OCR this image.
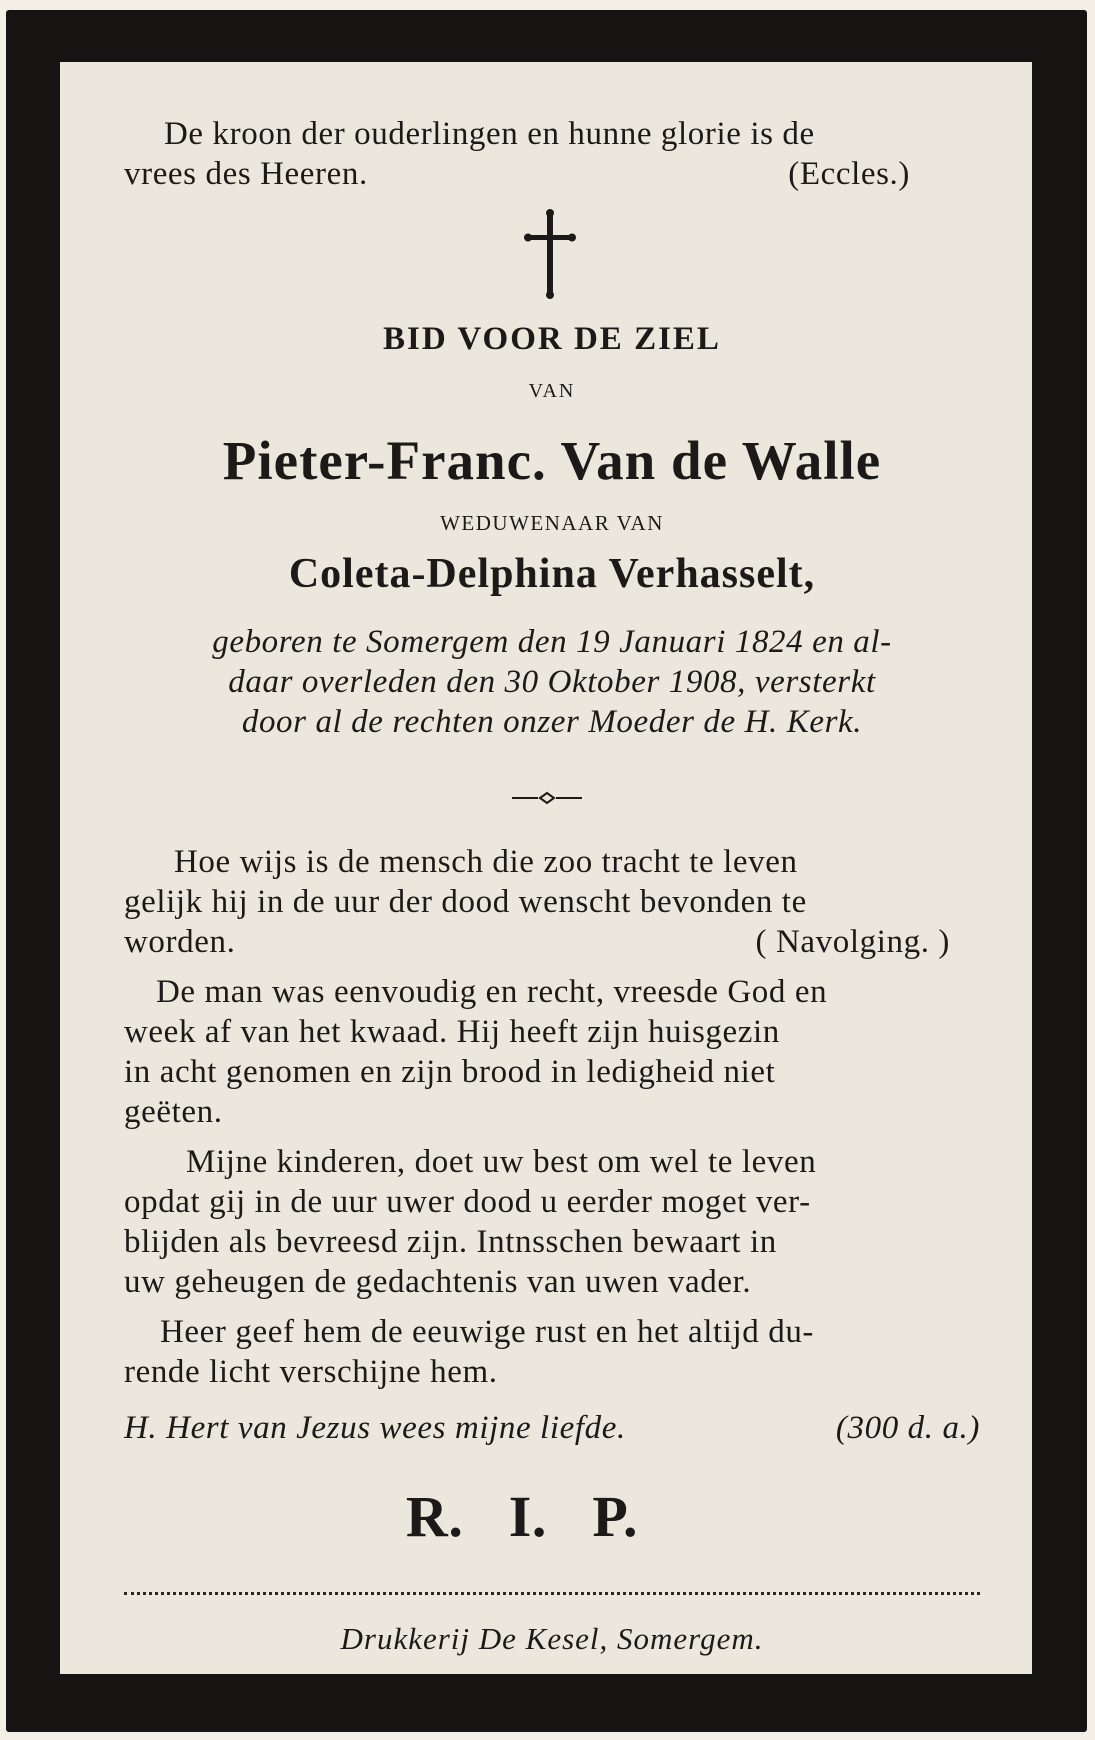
De kroon der ouderlingen en hunne glorie is de
vrees des Heeren.	(Eccles.)
BID VOOR DE ZIEL
VAN
Pieter-Franc. Van de Walle
WEDUWENAAR VAN
Coleta-Delphina Verhasselt,
geboren te Somergem den 19 Januari 1824 en al-
daar overleden den 30 Oktober 1908, versterkt
door al de rechten onzer Moeder de H. Kerk.
Hoe wijs is de mensch die zoo tracht te leven
gelijk hij in de uur der dood wenscht bevonden te
worden.	( Navolging. )
De man was eenvoudig en recht, vreesde God en
week af van het kwaad. Hij heeft zijn huisgezin
in acht genomen en zijn brood in ledigheid niet
geëten.
Mijne kinderen, doet uw best om wel te leven
opdat gij in de uur uwer dood u eerder moget ver-
blijden als bevreesd zijn. Intnsschen bewaart in
uw geheugen de gedachtenis van uwen vader.
Heer geef hem de eeuwige rust en het altijd du-
rende licht verschijne hem.
H. Hert van Jezus wees mijne liefde.	(300 d. a.)
R.   I.   P.
Drukkerij De Kesel, Somergem.
